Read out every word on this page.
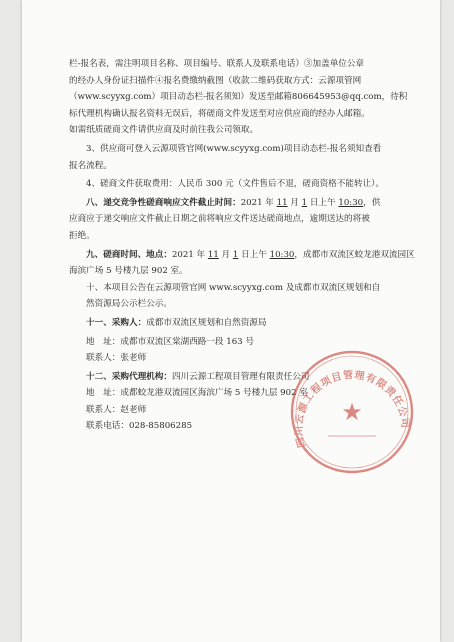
栏-报名表，需注明项目名称、项目编号、联系人及联系电话）③加盖单位公章

的经办人身份证扫描件④报名费缴纳截图（收款二维码获取方式：云源项管网

（www.scyyxg.com）项目动态栏-报名须知）发送至邮箱806645953@qq.com，待积

标代理机构确认报名资料无误后，将磋商文件发送至对应供应商的经办人邮箱。

如需纸质磋商文件请供应商及时前往我公司领取。

3、供应商可登入云源项管官网(www.scyyxg.com)项目动态栏-报名须知查看

报名流程。

4、磋商文件获取费用：人民币 300 元（文件售后不退，磋商资格不能转让）。

八、递交竞争性磋商响应文件截止时间：2021 年 11 月 1 日上午 10:30，供

应商应于递交响应文件截止日期之前将响应文件送达磋商地点，逾期送达的将被

拒绝。

九、磋商时间、地点：2021 年 11 月 1 日上午 10:30，成都市双流区蛟龙港双流园区

海滨广场 5 号楼九层 902 室。

十、本项目公告在云源项管官网 www.scyyxg.com 及成都市双流区规划和自

然资源局公示栏公示。

十一、采购人：成都市双流区规划和自然资源局

地　址：成都市双流区棠湖西路一段 163 号

联系人：张老师

十二、采购代理机构：四川云源工程项目管理有限责任公司

地　址：成都蛟龙港双流园区海滨广场 5 号楼九层 902 室

联系人：赵老师

联系电话：028-85806285

四川云源工程项目管理有限责任公司
★
